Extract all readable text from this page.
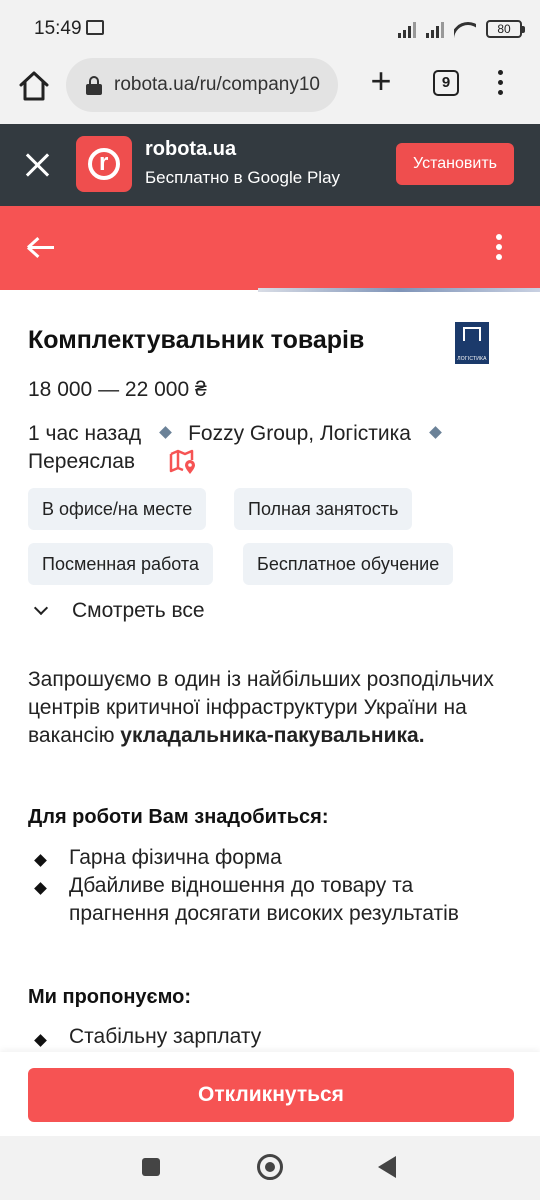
15:49	80
robota.ua/ru/company10 +	9
r
robota.ua
Бесплатно в Google Play
Установить
Комплектувальник товарів
ЛОГІСТИКА
18 000 — 22 000 ₴
1 час назад Fozzy Group, Логістика
Переяслав
В офисе/на месте	Полная занятость
Посменная работа	Бесплатное обучение
Смотреть все
Запрошуємо в один із найбільших розподільчих центрів критичної інфраструктури України на вакансію укладальника-пакувальника.
Для роботи Вам знадобиться:
Гарна фізична форма
Дбайливе відношення до товару та прагнення досягати високих результатів
Ми пропонуємо:
Стабільну зарплату
Откликнуться
